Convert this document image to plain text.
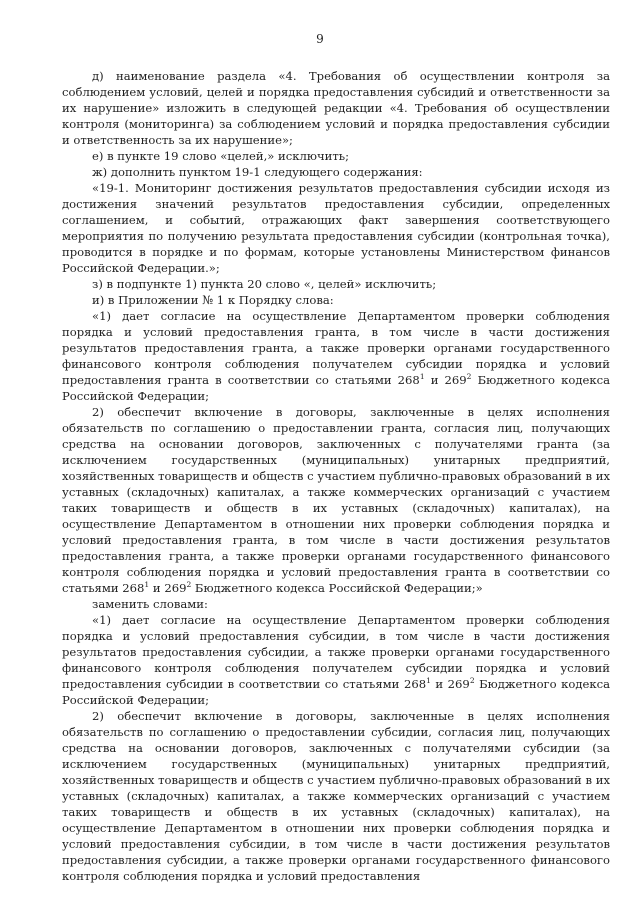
9

д) наименование раздела «4. Требования об осуществлении контроля за соблюдением условий, целей и порядка предоставления субсидий и ответственности за их нарушение» изложить в следующей редакции «4. Требования об осуществлении контроля (мониторинга) за соблюдением условий и порядка предоставления субсидии и ответственность за их нарушение»;

е) в пункте 19 слово «целей,» исключить;

ж) дополнить пунктом 19-1 следующего содержания:

«19-1. Мониторинг достижения результатов предоставления субсидии исходя из достижения значений результатов предоставления субсидии, определенных соглашением, и событий, отражающих факт завершения соответствующего мероприятия по получению результата предоставления субсидии (контрольная точка), проводится в порядке и по формам, которые установлены Министерством финансов Российской Федерации.»;

з) в подпункте 1) пункта 20 слово «, целей» исключить;

и) в Приложении № 1 к Порядку слова:

«1) дает согласие на осуществление Департаментом проверки соблюдения порядка и условий предоставления гранта, в том числе в части достижения результатов предоставления гранта, а также проверки органами государственного финансового контроля соблюдения получателем субсидии порядка и условий предоставления гранта в соответствии со статьями $268^1$ и $269^2$ Бюджетного кодекса Российской Федерации;

2) обеспечит включение в договоры, заключенные в целях исполнения обязательств по соглашению о предоставлении гранта, согласия лиц, получающих средства на основании договоров, заключенных с получателями гранта (за исключением государственных (муниципальных) унитарных предприятий, хозяйственных товариществ и обществ с участием публично-правовых образований в их уставных (складочных) капиталах, а также коммерческих организаций с участием таких товариществ и обществ в их уставных (складочных) капиталах), на осуществление Департаментом в отношении них проверки соблюдения порядка и условий предоставления гранта, в том числе в части достижения результатов предоставления гранта, а также проверки органами государственного финансового контроля соблюдения порядка и условий предоставления гранта в соответствии со статьями $268^1$ и $269^2$ Бюджетного кодекса Российской Федерации;»

заменить словами:

«1) дает согласие на осуществление Департаментом проверки соблюдения порядка и условий предоставления субсидии, в том числе в части достижения результатов предоставления субсидии, а также проверки органами государственного финансового контроля соблюдения получателем субсидии порядка и условий предоставления субсидии в соответствии со статьями $268^1$ и $269^2$ Бюджетного кодекса Российской Федерации;

2) обеспечит включение в договоры, заключенные в целях исполнения обязательств по соглашению о предоставлении субсидии, согласия лиц, получающих средства на основании договоров, заключенных с получателями субсидии (за исключением государственных (муниципальных) унитарных предприятий, хозяйственных товариществ и обществ с участием публично-правовых образований в их уставных (складочных) капиталах, а также коммерческих организаций с участием таких товариществ и обществ в их уставных (складочных) капиталах), на осуществление Департаментом в отношении них проверки соблюдения порядка и условий предоставления субсидии, в том числе в части достижения результатов предоставления субсидии, а также проверки органами государственного финансового контроля соблюдения порядка и условий предоставления
